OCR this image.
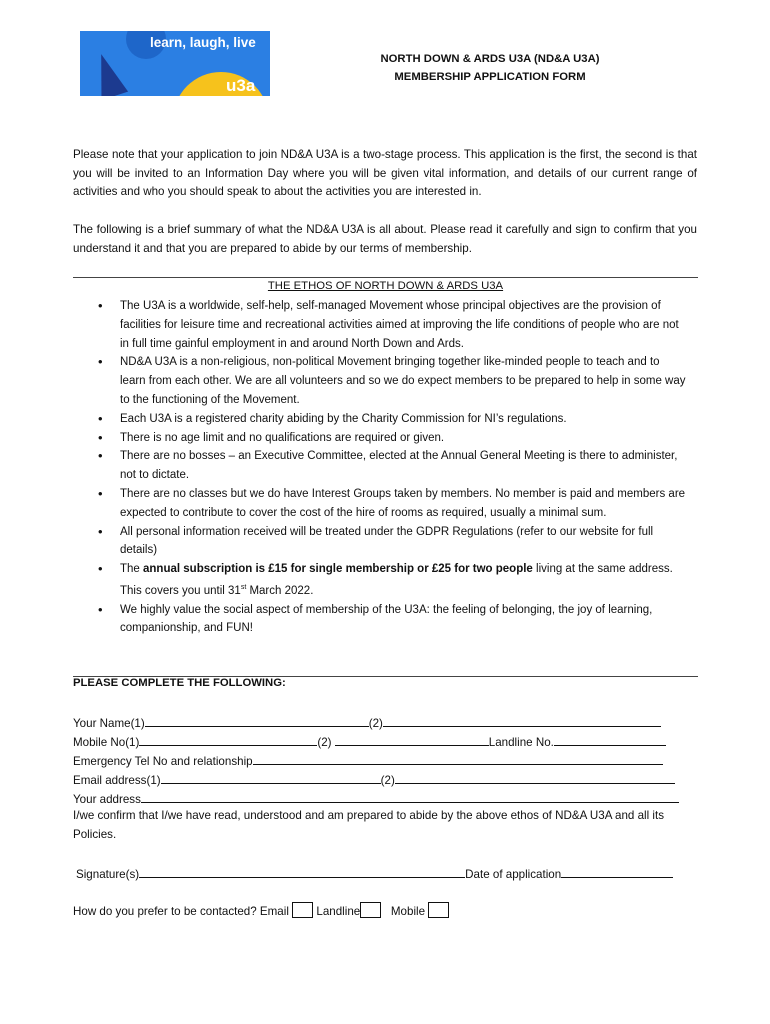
learn, laugh, live
u3a
NORTH DOWN & ARDS U3A (ND&A U3A)
MEMBERSHIP APPLICATION FORM
Please note that your application to join ND&A U3A is a two-stage process. This application is the first, the second is that you will be invited to an Information Day where you will be given vital information, and details of our current range of activities and who you should speak to about the activities you are interested in.
The following is a brief summary of what the ND&A U3A is all about. Please read it carefully and sign to confirm that you understand it and that you are prepared to abide by our terms of membership.
THE ETHOS OF NORTH DOWN & ARDS U3A
• The U3A is a worldwide, self-help, self-managed Movement whose principal objectives are the provision of facilities for leisure time and recreational activities aimed at improving the life conditions of people who are not in full time gainful employment in and around North Down and Ards.
• ND&A U3A is a non-religious, non-political Movement bringing together like-minded people to teach and to learn from each other. We are all volunteers and so we do expect members to be prepared to help in some way to the functioning of the Movement.
• Each U3A is a registered charity abiding by the Charity Commission for NI’s regulations.
• There is no age limit and no qualifications are required or given.
• There are no bosses – an Executive Committee, elected at the Annual General Meeting is there to administer, not to dictate.
• There are no classes but we do have Interest Groups taken by members. No member is paid and members are expected to contribute to cover the cost of the hire of rooms as required, usually a minimal sum.
• All personal information received will be treated under the GDPR Regulations (refer to our website for full details)
• The annual subscription is £15 for single membership or £25 for two people living at the same address. This covers you until 31st March 2022.
• We highly value the social aspect of membership of the U3A: the feeling of belonging, the joy of learning, companionship, and FUN!
PLEASE COMPLETE THE FOLLOWING:
Your Name(1)	(2)
Mobile No(1)	(2)	Landline No.
Emergency Tel No and relationship
Email address(1)	(2)
Your address
I/we confirm that I/we have read, understood and am prepared to abide by the above ethos of ND&A U3A and all its Policies.
Signature(s)	Date of application
How do you prefer to be contacted? Email Landline	Mobile
